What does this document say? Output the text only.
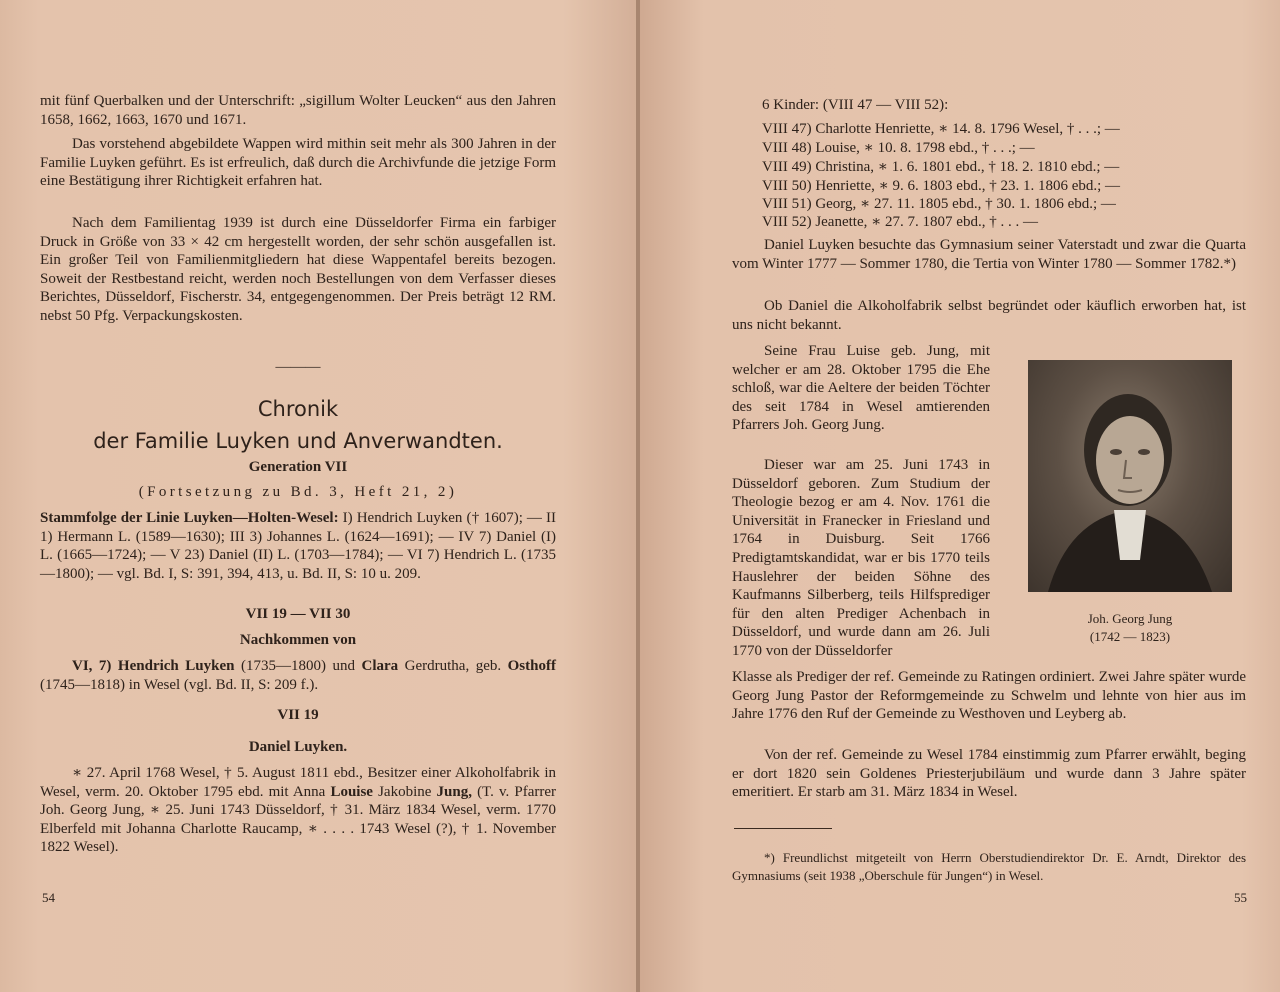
mit fünf Querbalken und der Unterschrift: „sigillum Wolter Leucken“ aus den Jahren 1658, 1662, 1663, 1670 und 1671.

Das vorstehend abgebildete Wappen wird mithin seit mehr als 300 Jahren in der Familie Luyken geführt. Es ist erfreulich, daß durch die Archivfunde die jetzige Form eine Bestätigung ihrer Richtigkeit erfahren hat.

Nach dem Familientag 1939 ist durch eine Düsseldorfer Firma ein farbiger Druck in Größe von 33 × 42 cm hergestellt worden, der sehr schön ausgefallen ist. Ein großer Teil von Familienmitgliedern hat diese Wappentafel bereits bezogen. Soweit der Restbestand reicht, werden noch Bestellungen von dem Verfasser dieses Berichtes, Düsseldorf, Fischerstr. 34, entgegengenommen. Der Preis beträgt 12 RM. nebst 50 Pfg. Verpackungskosten.

———
Chronik
der Familie Luyken und Anverwandten.
Generation VII
(Fortsetzung zu Bd. 3, Heft 21, 2)

Stammfolge der Linie Luyken—Holten-Wesel: I) Hendrich Luyken († 1607); — II 1) Hermann L. (1589—1630); III 3) Johannes L. (1624—1691); — IV 7) Daniel (I) L. (1665—1724); — V 23) Daniel (II) L. (1703—1784); — VI 7) Hendrich L. (1735—1800); — vgl. Bd. I, S: 391, 394, 413, u. Bd. II, S: 10 u. 209.

VII 19 — VII 30
Nachkommen von

VI, 7) Hendrich Luyken (1735—1800) und Clara Gerdrutha, geb. Osthoff (1745—1818) in Wesel (vgl. Bd. II, S: 209 f.).

VII 19
Daniel Luyken.

∗ 27. April 1768 Wesel, † 5. August 1811 ebd., Besitzer einer Alkoholfabrik in Wesel, verm. 20. Oktober 1795 ebd. mit Anna Louise Jakobine Jung, (T. v. Pfarrer Joh. Georg Jung, ∗ 25. Juni 1743 Düsseldorf, † 31. März 1834 Wesel, verm. 1770 Elberfeld mit Johanna Charlotte Raucamp, ∗ . . . . 1743 Wesel (?), † 1. November 1822 Wesel).

54
6 Kinder: (VIII 47 — VIII 52):
VIII 47) Charlotte Henriette, ∗ 14. 8. 1796 Wesel, † . . .; —
VIII 48) Louise, ∗ 10. 8. 1798 ebd., † . . .; —
VIII 49) Christina, ∗ 1. 6. 1801 ebd., † 18. 2. 1810 ebd.; —
VIII 50) Henriette, ∗ 9. 6. 1803 ebd., † 23. 1. 1806 ebd.; —
VIII 51) Georg, ∗ 27. 11. 1805 ebd., † 30. 1. 1806 ebd.; —
VIII 52) Jeanette, ∗ 27. 7. 1807 ebd., † . . . —

Daniel Luyken besuchte das Gymnasium seiner Vaterstadt und zwar die Quarta vom Winter 1777 — Sommer 1780, die Tertia von Winter 1780 — Sommer 1782.*)

Ob Daniel die Alkoholfabrik selbst begründet oder käuflich erworben hat, ist uns nicht bekannt.

Seine Frau Luise geb. Jung, mit welcher er am 28. Oktober 1795 die Ehe schloß, war die Aeltere der beiden Töchter des seit 1784 in Wesel amtierenden Pfarrers Joh. Georg Jung.

Dieser war am 25. Juni 1743 in Düsseldorf geboren. Zum Studium der Theologie bezog er am 4. Nov. 1761 die Universität in Franecker in Friesland und 1764 in Duisburg. Seit 1766 Predigtamtskandidat, war er bis 1770 teils Hauslehrer der beiden Söhne des Kaufmanns Silberberg, teils Hilfsprediger für den alten Prediger Achenbach in Düsseldorf, und wurde dann am 26. Juli 1770 von der Düsseldorfer

Joh. Georg Jung
(1742 — 1823)

Klasse als Prediger der ref. Gemeinde zu Ratingen ordiniert. Zwei Jahre später wurde Georg Jung Pastor der Reformgemeinde zu Schwelm und lehnte von hier aus im Jahre 1776 den Ruf der Gemeinde zu Westhoven und Leyberg ab.

Von der ref. Gemeinde zu Wesel 1784 einstimmig zum Pfarrer erwählt, beging er dort 1820 sein Goldenes Priesterjubiläum und wurde dann 3 Jahre später emeritiert. Er starb am 31. März 1834 in Wesel.

*) Freundlichst mitgeteilt von Herrn Oberstudiendirektor Dr. E. Arndt, Direktor des Gymnasiums (seit 1938 „Oberschule für Jungen“) in Wesel.

55
